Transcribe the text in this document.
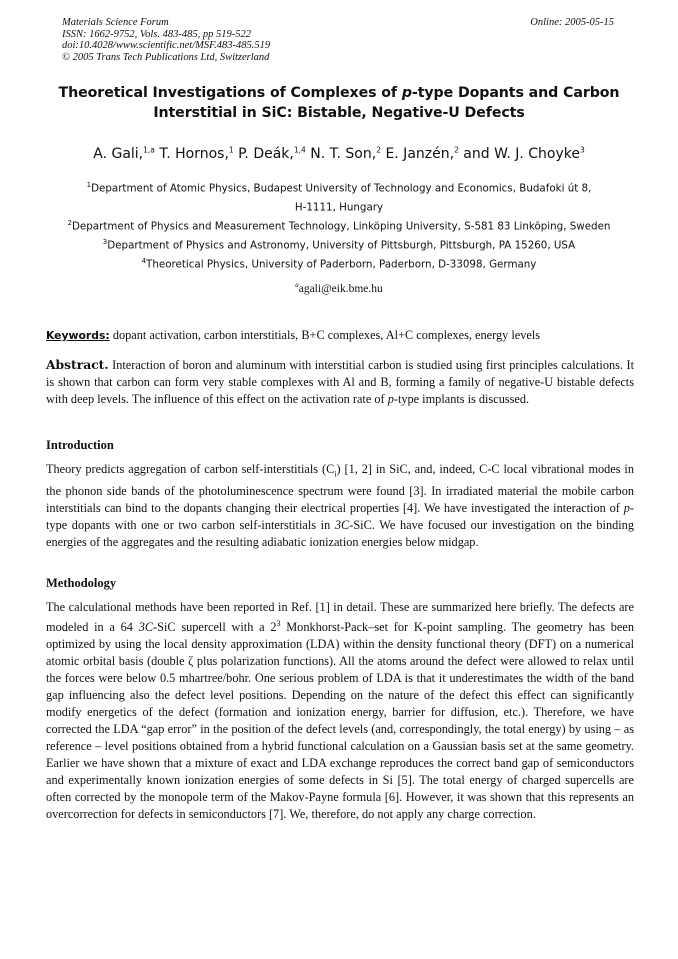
Materials Science Forum
ISSN: 1662-9752, Vols. 483-485, pp 519-522
doi:10.4028/www.scientific.net/MSF.483-485.519
© 2005 Trans Tech Publications Ltd, Switzerland
Online: 2005-05-15
Theoretical Investigations of Complexes of p-type Dopants and Carbon
Interstitial in SiC: Bistable, Negative-U Defects
A. Gali,$^{1,a}$ T. Hornos,$^1$ P. Deák,$^{1,4}$ N. T. Son,$^2$ E. Janzén,$^2$ and W. J. Choyke$^3$
$^1$Department of Atomic Physics, Budapest University of Technology and Economics, Budafoki út 8,
H-1111, Hungary
$^2$Department of Physics and Measurement Technology, Linköping University, S-581 83 Linköping, Sweden
$^3$Department of Physics and Astronomy, University of Pittsburgh, Pittsburgh, PA 15260, USA
$^4$Theoretical Physics, University of Paderborn, Paderborn, D-33098, Germany
$^a$agali@eik.bme.hu
Keywords: dopant activation, carbon interstitials, B+C complexes, Al+C complexes, energy levels
Abstract. Interaction of boron and aluminum with interstitial carbon is studied using first principles calculations. It is shown that carbon can form very stable complexes with Al and B, forming a family of negative-U bistable defects with deep levels. The influence of this effect on the activation rate of p-type implants is discussed.
Introduction
Theory predicts aggregation of carbon self-interstitials $(C_i)$ [1, 2] in SiC, and, indeed, C-C local vibrational modes in the phonon side bands of the photoluminescence spectrum were found [3]. In irradiated material the mobile carbon interstitials can bind to the dopants changing their electrical properties [4]. We have investigated the interaction of p-type dopants with one or two carbon self-interstitials in 3C-SiC. We have focused our investigation on the binding energies of the aggregates and the resulting adiabatic ionization energies below midgap.
Methodology
The calculational methods have been reported in Ref. [1] in detail. These are summarized here briefly. The defects are modeled in a 64 3C-SiC supercell with a $2^3$ Monkhorst-Pack–set for K-point sampling. The geometry has been optimized by using the local density approximation (LDA) within the density functional theory (DFT) on a numerical atomic orbital basis (double ζ plus polarization functions). All the atoms around the defect were allowed to relax until the forces were below 0.5 mhartree/bohr. One serious problem of LDA is that it underestimates the width of the band gap influencing also the defect level positions. Depending on the nature of the defect this effect can significantly modify energetics of the defect (formation and ionization energy, barrier for diffusion, etc.). Therefore, we have corrected the LDA “gap error” in the position of the defect levels (and, correspondingly, the total energy) by using – as reference – level positions obtained from a hybrid functional calculation on a Gaussian basis set at the same geometry. Earlier we have shown that a mixture of exact and LDA exchange reproduces the correct band gap of semiconductors and experimentally known ionization energies of some defects in Si [5]. The total energy of charged supercells are often corrected by the monopole term of the Makov-Payne formula [6]. However, it was shown that this represents an overcorrection for defects in semiconductors [7]. We, therefore, do not apply any charge correction.
